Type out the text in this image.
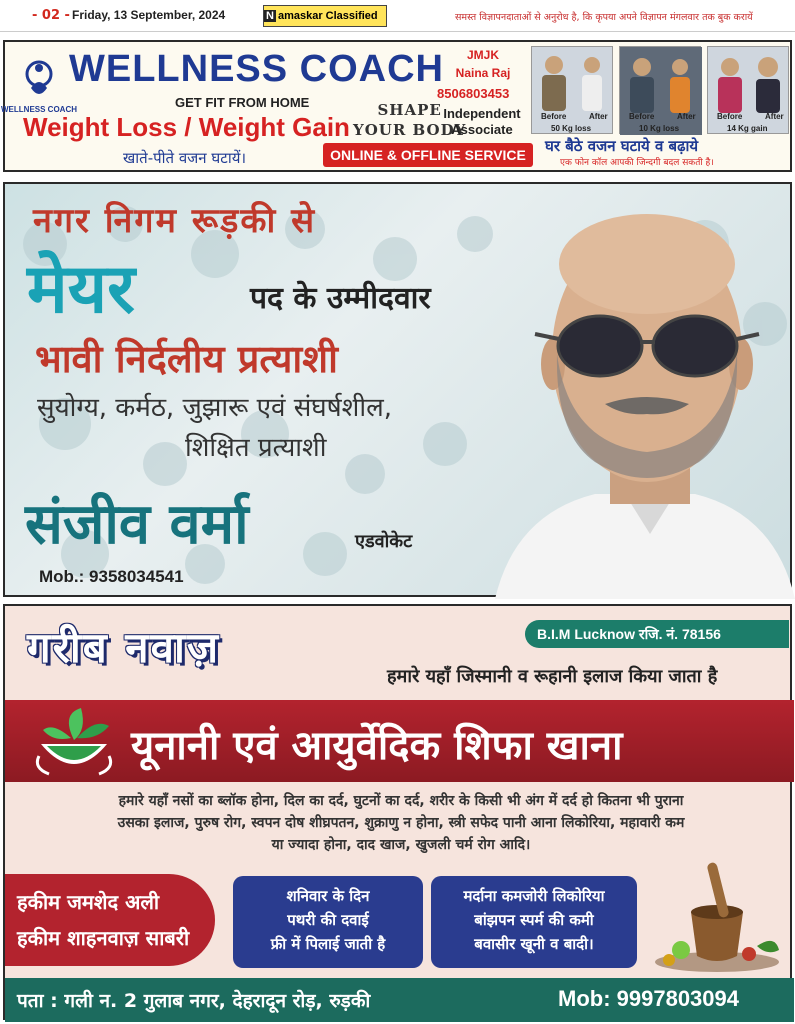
- 02 - Friday, 13 September, 2024	N amaskar Classified	समस्त विज्ञापनदाताओं से अनुरोध है, कि कृपया अपने विज्ञापन मंगलवार तक बुक करायें
WELLNESS COACH
WELLNESS COACH
GET FIT FROM HOME
Weight Loss / Weight Gain
खाते-पीते वजन घटायें।
SHAPE
YOUR BODY
JMJK
Naina Raj
8506803453
Independent
Associate
ONLINE & OFFLINE SERVICE
Before	After
50 Kg loss
Before	After
10 Kg loss
Before	After
14 Kg gain
घर बैठे वजन घटाये व बढ़ाये
एक फोन कॉल आपकी जिन्दगी बदल सकती है।
नगर निगम रूड़की से
मेयर	पद के उम्मीदवार
भावी निर्दलीय प्रत्याशी
सुयोग्य, कर्मठ, जुझारू एवं संघर्षशील,
शिक्षित प्रत्याशी
संजीव वर्मा	एडवोकेट
Mob.: 9358034541
गरीब नवाज़	B.I.M Lucknow रजि. नं. 78156
हमारे यहाँ जिस्मानी व रूहानी इलाज किया जाता है
यूनानी एवं आयुर्वेदिक शिफा खाना
हमारे यहाँ नसों का ब्लॉक होना, दिल का दर्द, घुटनों का दर्द, शरीर के किसी भी अंग में दर्द हो कितना भी पुराना
उसका इलाज, पुरुष रोग, स्वपन दोष शीघ्रपतन, शुक्राणु न होना, स्त्री सफेद पानी आना लिकोरिया, महावारी कम
या ज्यादा होना, दाद खाज, खुजली चर्म रोग आदि।
हकीम जमशेद अली
हकीम शाहनवाज़ साबरी
शनिवार के दिन
पथरी की दवाई
फ्री में पिलाई जाती है
मर्दाना कमजोरी लिकोरिया
बांझपन स्पर्म की कमी
बवासीर खूनी व बादी।
पता : गली न. 2 गुलाब नगर, देहरादून रोड़, रुड़की	Mob: 9997803094
